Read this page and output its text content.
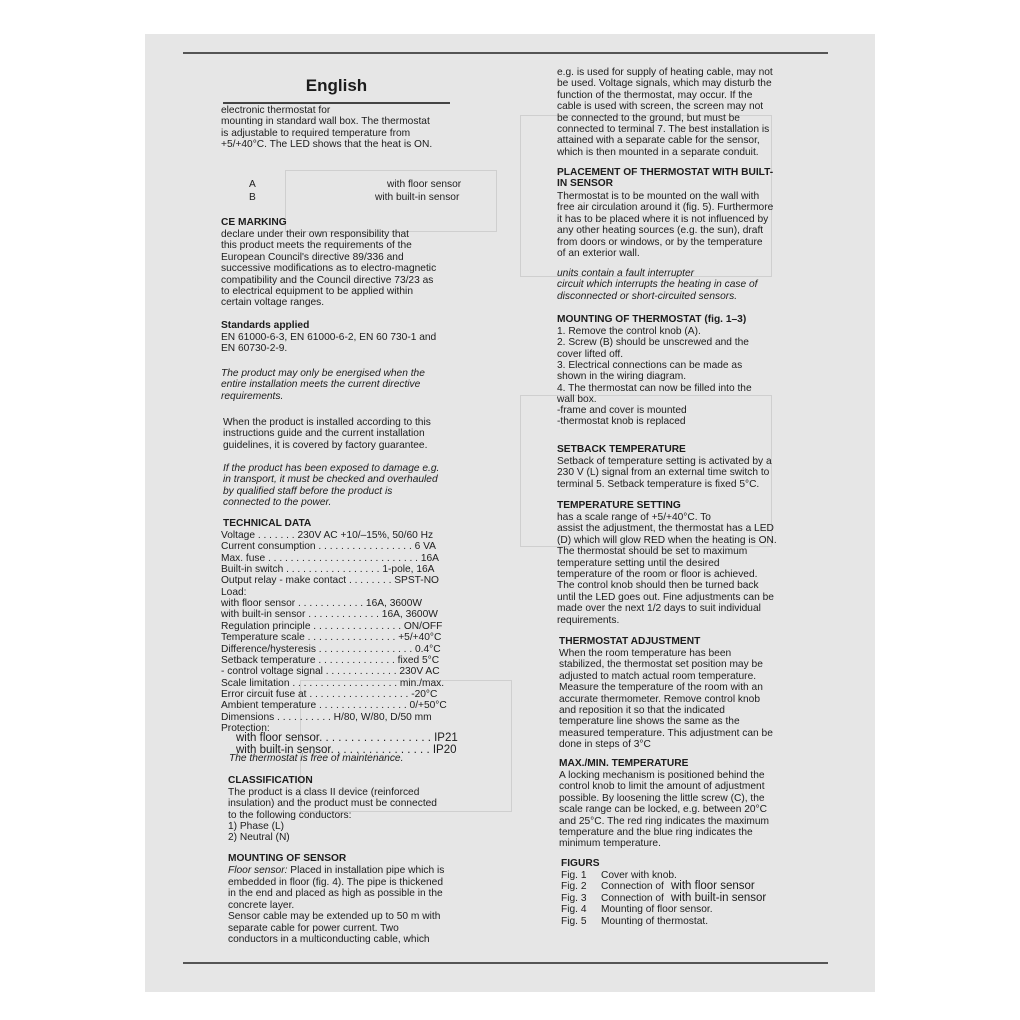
English
electronic thermostat for
mounting in standard wall box. The thermostat
is adjustable to required temperature from
+5/+40°C. The LED shows that the heat is ON.
A	with floor sensor
B	with built-in sensor
CE MARKING
declare under their own responsibility that
this product meets the requirements of the
European Council's directive 89/336 and
successive modifications as to electro-magnetic
compatibility and the Council directive 73/23 as
to electrical equipment to be applied within
certain voltage ranges.
Standards applied
EN 61000-6-3, EN 61000-6-2, EN 60 730-1 and
EN 60730-2-9.
The product may only be energised when the
entire installation meets the current directive
requirements.
When the product is installed according to this
instructions guide and the current installation
guidelines, it is covered by factory guarantee.
If the product has been exposed to damage e.g.
in transport, it must be checked and overhauled
by qualified staff before the product is
connected to the power.
TECHNICAL DATA
Voltage . . . . . . . 230V AC +10/–15%, 50/60 Hz
Current consumption . . . . . . . . . . . . . . . . . 6 VA
Max. fuse . . . . . . . . . . . . . . . . . . . . . . . . . . . 16A
Built-in switch . . . . . . . . . . . . . . . . . 1-pole, 16A
Output relay - make contact . . . . . . . . SPST-NO
Load:
with floor sensor . . . . . . . . . . . . 16A, 3600W
with built-in sensor . . . . . . . . . . . . . 16A, 3600W
Regulation principle . . . . . . . . . . . . . . . . ON/OFF
Temperature scale . . . . . . . . . . . . . . . . +5/+40°C
Difference/hysteresis . . . . . . . . . . . . . . . . . 0.4°C
Setback temperature . . . . . . . . . . . . . . fixed 5°C
- control voltage signal . . . . . . . . . . . . . 230V AC
Scale limitation . . . . . . . . . . . . . . . . . . . min./max.
Error circuit fuse at . . . . . . . . . . . . . . . . . . -20°C
Ambient temperature . . . . . . . . . . . . . . . . 0/+50°C
Dimensions . . . . . . . . . . H/80, W/80, D/50 mm
Protection:
with floor sensor. . . . . . . . . . . . . . . . . . IP21
with built-in sensor. . . . . . . . . . . . . . . . IP20
The thermostat is free of maintenance.
CLASSIFICATION
The product is a class II device (reinforced
insulation) and the product must be connected
to the following conductors:
1) Phase (L)
2) Neutral (N)
MOUNTING OF SENSOR
Floor sensor: Placed in installation pipe which is
embedded in floor (fig. 4). The pipe is thickened
in the end and placed as high as possible in the
concrete layer.
Sensor cable may be extended up to 50 m with
separate cable for power current. Two
conductors in a multiconducting cable, which
e.g. is used for supply of heating cable, may not
be used. Voltage signals, which may disturb the
function of the thermostat, may occur. If the
cable is used with screen, the screen may not
be connected to the ground, but must be
connected to terminal 7. The best installation is
attained with a separate cable for the sensor,
which is then mounted in a separate conduit.
PLACEMENT OF THERMOSTAT WITH BUILT-
IN SENSOR
Thermostat is to be mounted on the wall with
free air circulation around it (fig. 5). Furthermore
it has to be placed where it is not influenced by
any other heating sources (e.g. the sun), draft
from doors or windows, or by the temperature
of an exterior wall.
units contain a fault interrupter
circuit which interrupts the heating in case of
disconnected or short-circuited sensors.
MOUNTING OF THERMOSTAT (fig. 1–3)
1. Remove the control knob (A).
2. Screw (B) should be unscrewed and the
cover lifted off.
3. Electrical connections can be made as
shown in the wiring diagram.
4. The thermostat can now be filled into the
wall box.
-frame and cover is mounted
-thermostat knob is replaced
SETBACK TEMPERATURE
Setback of temperature setting is activated by a
230 V (L) signal from an external time switch to
terminal 5. Setback temperature is fixed 5°C.
TEMPERATURE SETTING
has a scale range of +5/+40°C. To
assist the adjustment, the thermostat has a LED
(D) which will glow RED when the heating is ON.
The thermostat should be set to maximum
temperature setting until the desired
temperature of the room or floor is achieved.
The control knob should then be turned back
until the LED goes out. Fine adjustments can be
made over the next 1/2 days to suit individual
requirements.
THERMOSTAT ADJUSTMENT
When the room temperature has been
stabilized, the thermostat set position may be
adjusted to match actual room temperature.
Measure the temperature of the room with an
accurate thermometer. Remove control knob
and reposition it so that the indicated
temperature line shows the same as the
measured temperature. This adjustment can be
done in steps of 3°C
MAX./MIN. TEMPERATURE
A locking mechanism is positioned behind the
control knob to limit the amount of adjustment
possible. By loosening the little screw (C), the
scale range can be locked, e.g. between 20°C
and 25°C. The red ring indicates the maximum
temperature and the blue ring indicates the
minimum temperature.
FIGURS
Fig. 1 Cover with knob.
Fig. 2 Connection of with floor sensor
Fig. 3 Connection of with built-in sensor
Fig. 4 Mounting of floor sensor.
Fig. 5 Mounting of thermostat.
